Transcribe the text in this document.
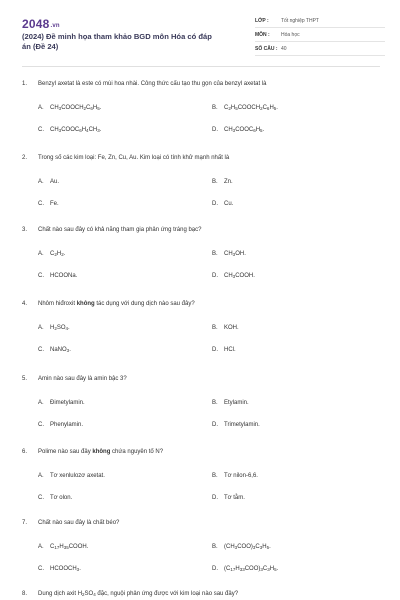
2048.vn
(2024) Đề minh họa tham khảo BGD môn Hóa có đáp án (Đề 24)
LỚP :	Tốt nghiệp THPT
MÔN :	Hóa học
SỐ CÂU : 40
1. Benzyl axetat là este có mùi hoa nhài. Công thức cấu tạo thu gọn của benzyl axetat là
A. $CH_3COOCH_2C_6H_5$.	B. $C_2H_5COOCH_2C_6H_5$.
C. $CH_3COOC_6H_4CH_3$.	D. $CH_3COOC_6H_5$.
2. Trong số các kim loại: Fe, Zn, Cu, Au. Kim loại có tính khử mạnh nhất là
A. Au.	B. Zn.
C. Fe.	D. Cu.
3. Chất nào sau đây có khả năng tham gia phản ứng tráng bạc?
A. $C_2H_2$.	B. $CH_3OH$.
C. HCOONa.	D. $CH_3COOH$.
4. Nhôm hiđroxit không tác dụng với dung dịch nào sau đây?
A. $H_2SO_4$.	B. KOH.
C. NaNO$_3$.	D. HCl.
5. Amin nào sau đây là amin bậc 3?
A. Đimetylamin.	B. Etylamin.
C. Phenylamin.	D. Trimetylamin.
6. Polime nào sau đây không chứa nguyên tố N?
A. Tơ xenlulozơ axetat.	B. Tơ nilon-6,6.
C. Tơ olon.	D. Tơ tằm.
7. Chất nào sau đây là chất béo?
A. $C_{17}H_{35}COOH$.	B. $(CH_3COO)_3C_3H_5$.
C. $HCOOCH_3$.	D. $(C_{17}H_{33}COO)_3C_3H_5$.
8. Dung dịch axit $H_2SO_4$ đặc, nguội phản ứng được với kim loại nào sau đây?
